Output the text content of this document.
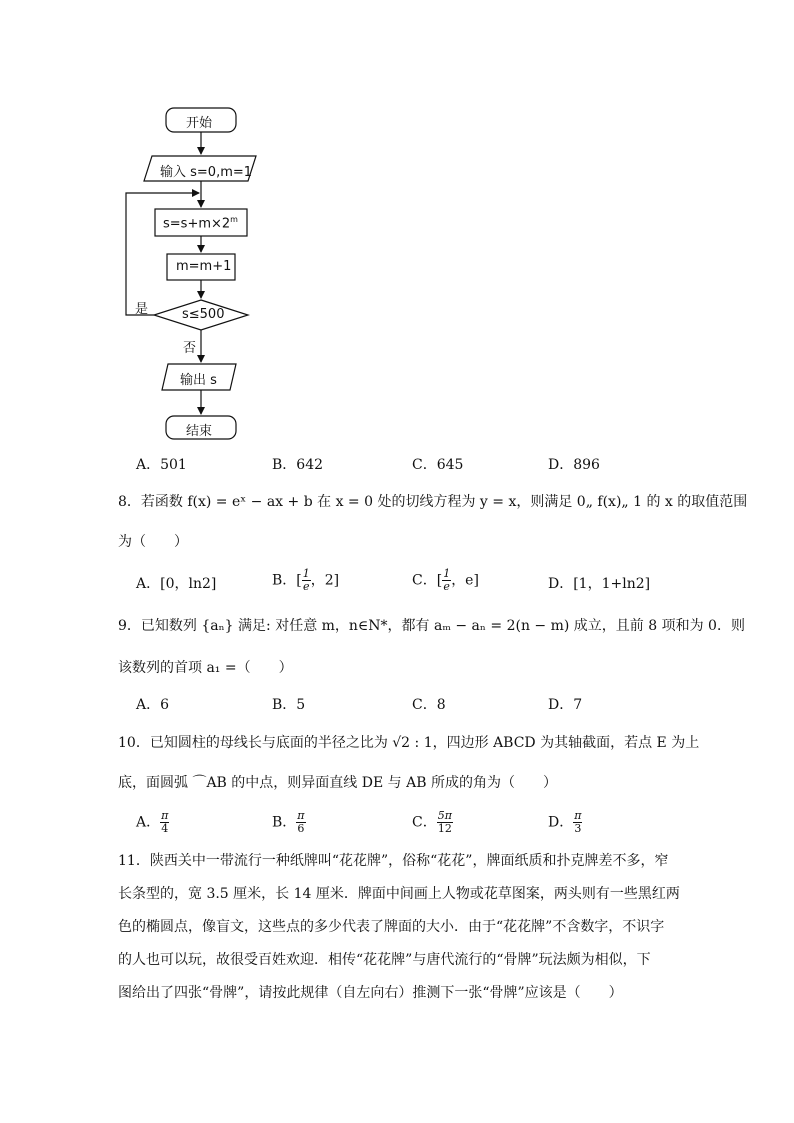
开始
输入 s=0,m=1
$s=s+m\times 2^m$
m=m+1
s≤500
是
否
输出 s
结束
A．501	B．642	C．645	D．896
8．若函数 f(x) = eˣ − ax + b 在 x = 0 处的切线方程为 y = x，则满足 0„ f(x)„ 1 的 x 的取值范围
为（　　）
A．[0，ln2]	B．[ $\frac{1}{e}$ ，2]	C．[ $\frac{1}{e}$ ，e]	D．[1，1+ln2]
9．已知数列 {aₙ} 满足: 对任意 m，n∈N*，都有 aₘ − aₙ = 2(n − m) 成立，且前 8 项和为 0．则
该数列的首项 a₁ =（　　）
A．6	B．5	C．8	D．7
10．已知圆柱的母线长与底面的半径之比为 √2 : 1，四边形 ABCD 为其轴截面，若点 E 为上
底，面圆弧 ⌒AB 的中点，则异面直线 DE 与 AB 所成的角为（　　）
A． $\frac{\pi}{4}$	B． $\frac{\pi}{6}$	C． $\frac{5\pi}{12}$	D． $\frac{\pi}{3}$
11．陕西关中一带流行一种纸牌叫“花花牌”，俗称“花花”，牌面纸质和扑克牌差不多，窄
长条型的，宽 3.5 厘米，长 14 厘米．牌面中间画上人物或花草图案，两头则有一些黑红两
色的椭圆点，像盲文，这些点的多少代表了牌面的大小．由于“花花牌”不含数字，不识字
的人也可以玩，故很受百姓欢迎．相传“花花牌”与唐代流行的“骨牌”玩法颇为相似，下
图给出了四张“骨牌”，请按此规律（自左向右）推测下一张“骨牌”应该是（　　）
